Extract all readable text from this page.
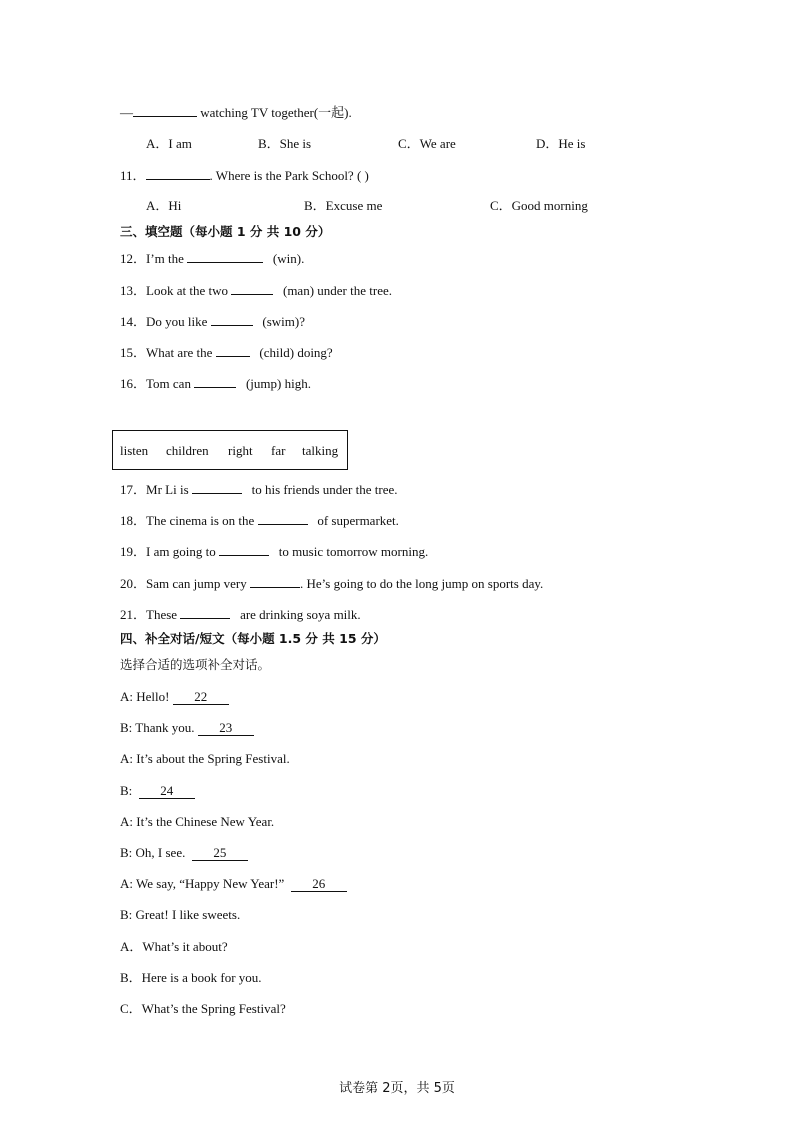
—	watching TV together(一起).
A．I am	B．She is	C．We are	D．He is
11．	. Where is the Park School? ( )
A．Hi	B．Excuse me	C．Good morning
三、填空题（每小题 1 分 共 10 分）
12．I’m the	(win).
13．Look at the two	(man) under the tree.
14．Do you like	(swim)?
15．What are the	(child) doing?
16．Tom can	(jump) high.
listen children right far talking
17．Mr Li is	to his friends under the tree.
18．The cinema is on the	of supermarket.
19．I am going to	to music tomorrow morning.
20．Sam can jump very	. He’s going to do the long jump on sports day.
21．These	are drinking soya milk.
四、补全对话/短文（每小题 1.5 分 共 15 分）
选择合适的选项补全对话。
A: Hello! 22
B: Thank you. 23
A: It’s about the Spring Festival.
B:  24
A: It’s the Chinese New Year.
B: Oh, I see.  25
A: We say, “Happy New Year!”  26
B: Great! I like sweets.
A．What’s it about?
B．Here is a book for you.
C．What’s the Spring Festival?
试卷第 2页，共 5页
